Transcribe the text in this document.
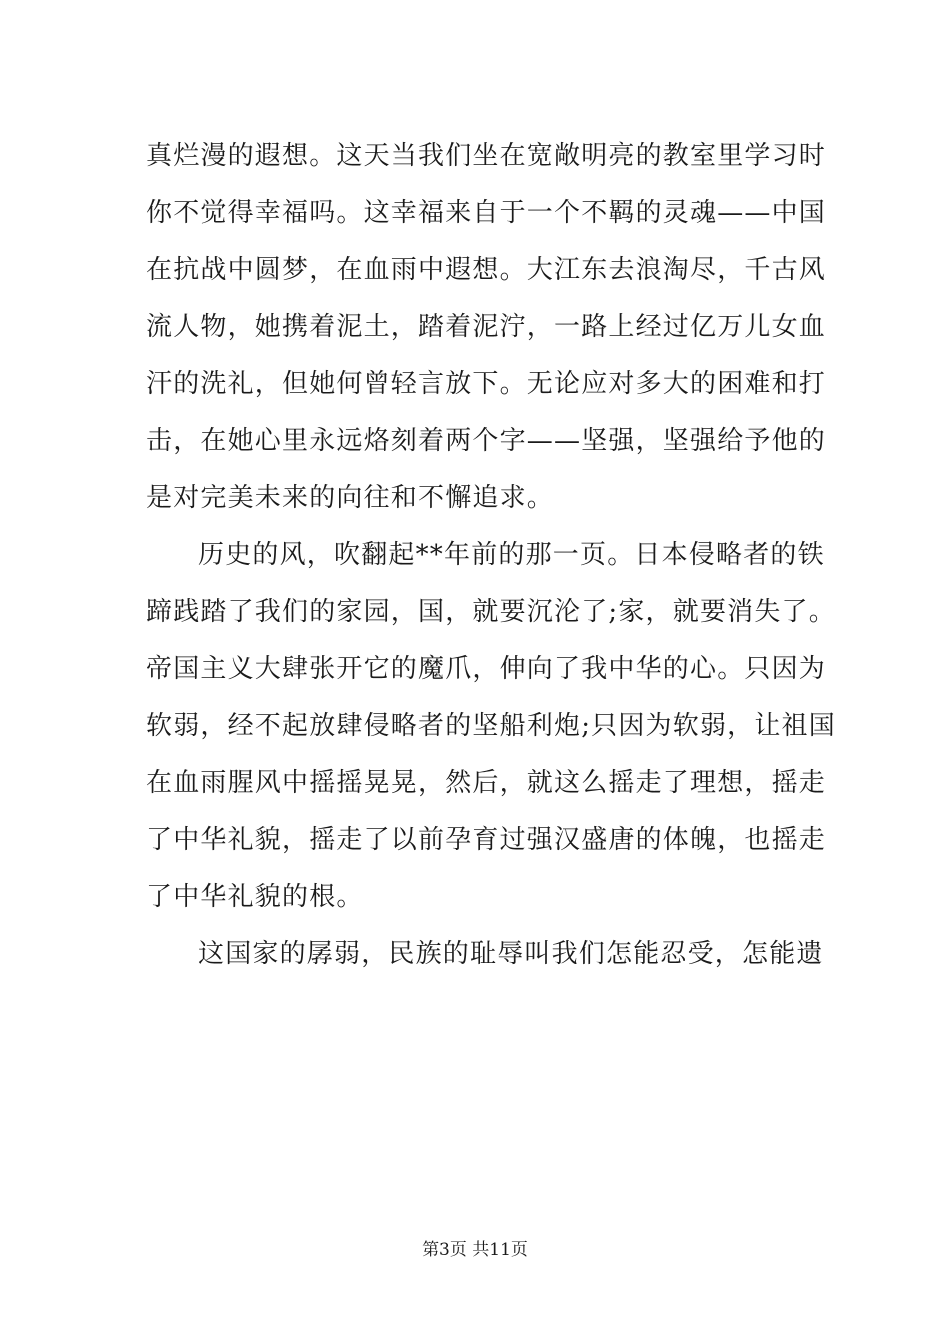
真烂漫的遐想。这天当我们坐在宽敞明亮的教室里学习时
你不觉得幸福吗。这幸福来自于一个不羁的灵魂——中国
在抗战中圆梦，在血雨中遐想。大江东去浪淘尽，千古风
流人物，她携着泥土，踏着泥泞，一路上经过亿万儿女血
汗的洗礼，但她何曾轻言放下。无论应对多大的困难和打
击，在她心里永远烙刻着两个字——坚强，坚强给予他的
是对完美未来的向往和不懈追求。
历史的风，吹翻起**年前的那一页。日本侵略者的铁
蹄践踏了我们的家园，国，就要沉沦了;家，就要消失了。
帝国主义大肆张开它的魔爪，伸向了我中华的心。只因为
软弱，经不起放肆侵略者的坚船利炮;只因为软弱，让祖国
在血雨腥风中摇摇晃晃，然后，就这么摇走了理想，摇走
了中华礼貌，摇走了以前孕育过强汉盛唐的体魄，也摇走
了中华礼貌的根。
这国家的孱弱，民族的耻辱叫我们怎能忍受，怎能遗
第3页 共11页
